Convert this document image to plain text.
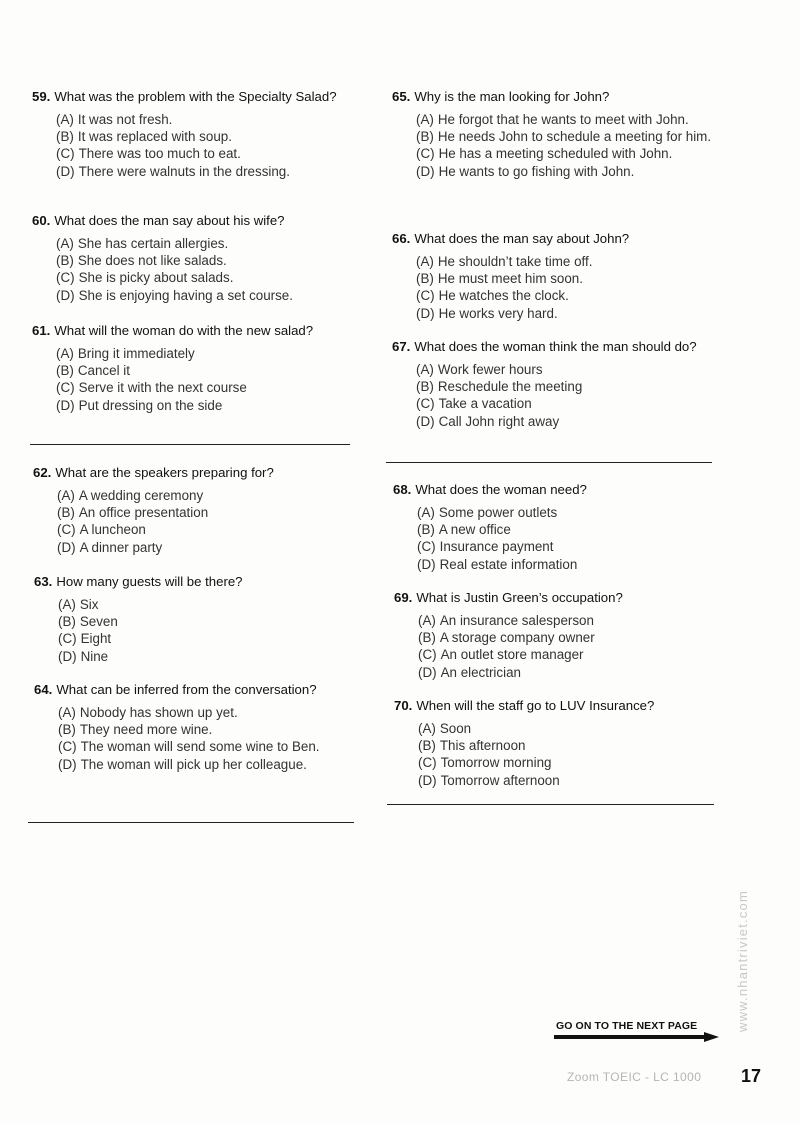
59. What was the problem with the Specialty Salad?
(A) It was not fresh.
(B) It was replaced with soup.
(C) There was too much to eat.
(D) There were walnuts in the dressing.
60. What does the man say about his wife?
(A) She has certain allergies.
(B) She does not like salads.
(C) She is picky about salads.
(D) She is enjoying having a set course.
61. What will the woman do with the new salad?
(A) Bring it immediately
(B) Cancel it
(C) Serve it with the next course
(D) Put dressing on the side
62. What are the speakers preparing for?
(A) A wedding ceremony
(B) An office presentation
(C) A luncheon
(D) A dinner party
63. How many guests will be there?
(A) Six
(B) Seven
(C) Eight
(D) Nine
64. What can be inferred from the conversation?
(A) Nobody has shown up yet.
(B) They need more wine.
(C) The woman will send some wine to Ben.
(D) The woman will pick up her colleague.
65. Why is the man looking for John?
(A) He forgot that he wants to meet with John.
(B) He needs John to schedule a meeting for him.
(C) He has a meeting scheduled with John.
(D) He wants to go fishing with John.
66. What does the man say about John?
(A) He shouldn’t take time off.
(B) He must meet him soon.
(C) He watches the clock.
(D) He works very hard.
67. What does the woman think the man should do?
(A) Work fewer hours
(B) Reschedule the meeting
(C) Take a vacation
(D) Call John right away
68. What does the woman need?
(A) Some power outlets
(B) A new office
(C) Insurance payment
(D) Real estate information
69. What is Justin Green’s occupation?
(A) An insurance salesperson
(B) A storage company owner
(C) An outlet store manager
(D) An electrician
70. When will the staff go to LUV Insurance?
(A) Soon
(B) This afternoon
(C) Tomorrow morning
(D) Tomorrow afternoon
GO ON TO THE NEXT PAGE	www.nhantriviet.com
Zoom TOEIC - LC 1000 17
